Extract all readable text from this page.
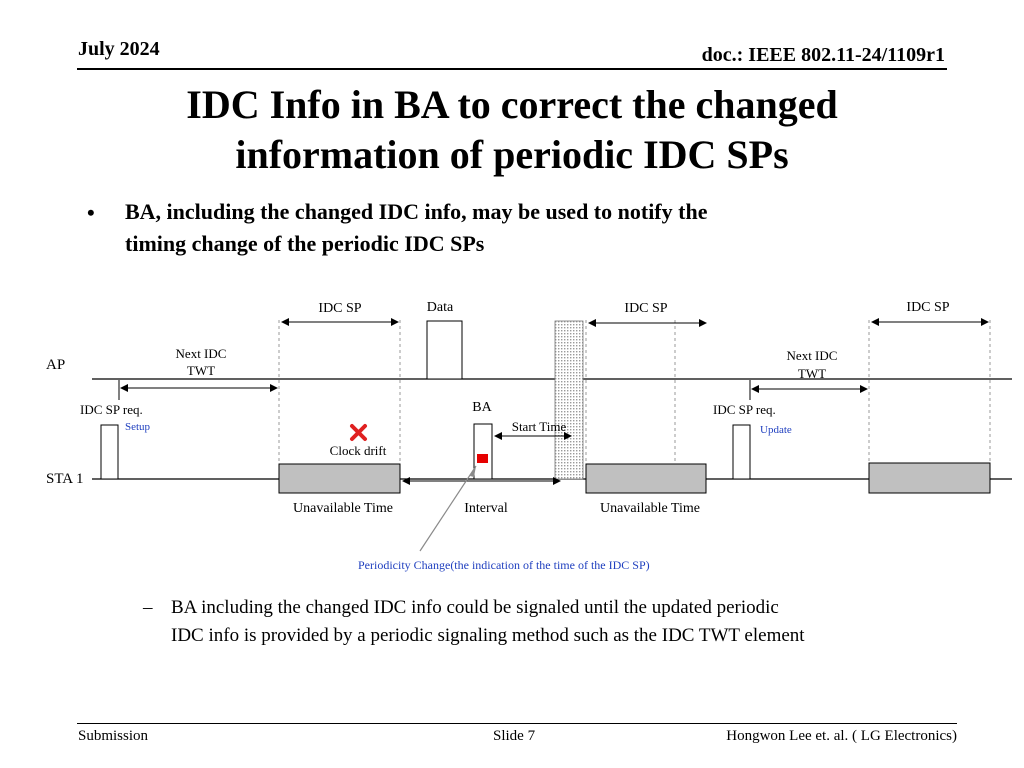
July 2024	doc.: IEEE 802.11-24/1109r1
IDC Info in BA to correct the changed
information of periodic IDC SPs
• BA, including the changed IDC info, may be used to notify the
timing change of the periodic IDC SPs
AP
STA 1
IDC SP	Data	IDC SP	IDC SP
Next IDC
TWT
Next IDC
TWT
IDC SP req.
Setup
IDC SP req.
Update
BA
Start Time
Clock drift
Unavailable Time	Interval	Unavailable Time
Periodicity Change(the indication of the time of the IDC SP)
– BA including the changed IDC info could be signaled until the updated periodic
IDC info is provided by a periodic signaling method such as the IDC TWT element
Submission	Slide 7	Hongwon Lee et. al. ( LG Electronics)
